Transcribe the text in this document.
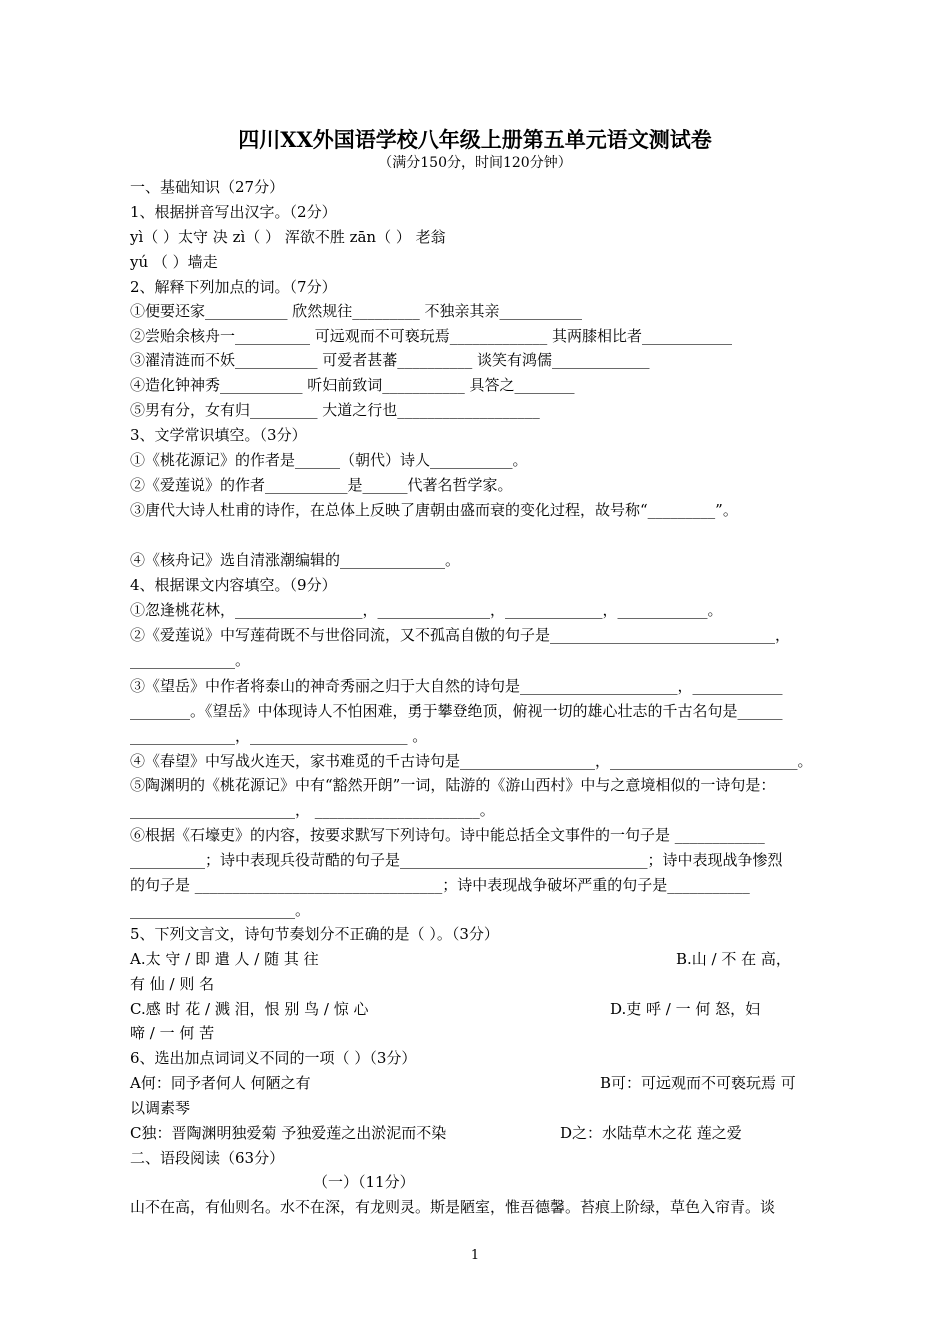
四川XX外国语学校八年级上册第五单元语文测试卷
（满分150分，时间120分钟）
一、基础知识（27分）
1、根据拼音写出汉字。（2分）
yì（ ）太守 决 zì（ ） 浑欲不胜 zān（ ） 老翁
yú （ ）墙走
2、解释下列加点的词。（7分）
①便要还家___________ 欣然规往_________ 不独亲其亲___________
②尝贻余核舟一__________ 可远观而不可亵玩焉_____________ 其两膝相比者____________
③濯清涟而不妖___________ 可爱者甚蕃__________ 谈笑有鸿儒_____________
④造化钟神秀___________ 听妇前致词___________ 具答之________
⑤男有分，女有归_________ 大道之行也___________________
3、文学常识填空。（3分）
①《桃花源记》的作者是______（朝代）诗人___________。
②《爱莲说》的作者___________是______代著名哲学家。
③唐代大诗人杜甫的诗作，在总体上反映了唐朝由盛而衰的变化过程，故号称“_________”。
④《核舟记》选自清涨潮编辑的______________。
4、根据课文内容填空。（9分）
①忽逢桃花林，_________________，_______________，_____________，____________。
②《爱莲说》中写莲荷既不与世俗同流，又不孤高自傲的句子是______________________________，
______________。
③《望岳》中作者将泰山的神奇秀丽之归于大自然的诗句是_____________________，____________
________。《望岳》中体现诗人不怕困难，勇于攀登绝顶，俯视一切的雄心壮志的千古名句是______
______________，_____________________ 。
④《春望》中写战火连天，家书难觅的千古诗句是__________________，_________________________。
⑤陶渊明的《桃花源记》中有“豁然开朗”一词，陆游的《游山西村》中与之意境相似的一诗句是：
______________________， ______________________。
⑥根据《石壕吏》的内容，按要求默写下列诗句。诗中能总括全文事件的一句子是 ____________
__________；诗中表现兵役苛酷的句子是_________________________________；诗中表现战争惨烈
的句子是 _________________________________；诗中表现战争破坏严重的句子是___________
______________________。
5、下列文言文，诗句节奏划分不正确的是（ ）。（3分）
A.太 守 / 即 遣 人 / 随 其 往	B.山 / 不 在 高，
有 仙 / 则 名
C.感 时 花 / 溅 泪，恨 别 鸟 / 惊 心	D.吏 呼 / 一 何 怒，妇
啼 / 一 何 苦
6、选出加点词词义不同的一项（ ）（3分）
A何：同予者何人 何陋之有	B可：可远观而不可亵玩焉 可
以调素琴
C独：晋陶渊明独爱菊 予独爱莲之出淤泥而不染	D之：水陆草木之花 莲之爱
二、语段阅读（63分）
（一）（11分）
山不在高，有仙则名。水不在深，有龙则灵。斯是陋室，惟吾德馨。苔痕上阶绿，草色入帘青。谈
1
